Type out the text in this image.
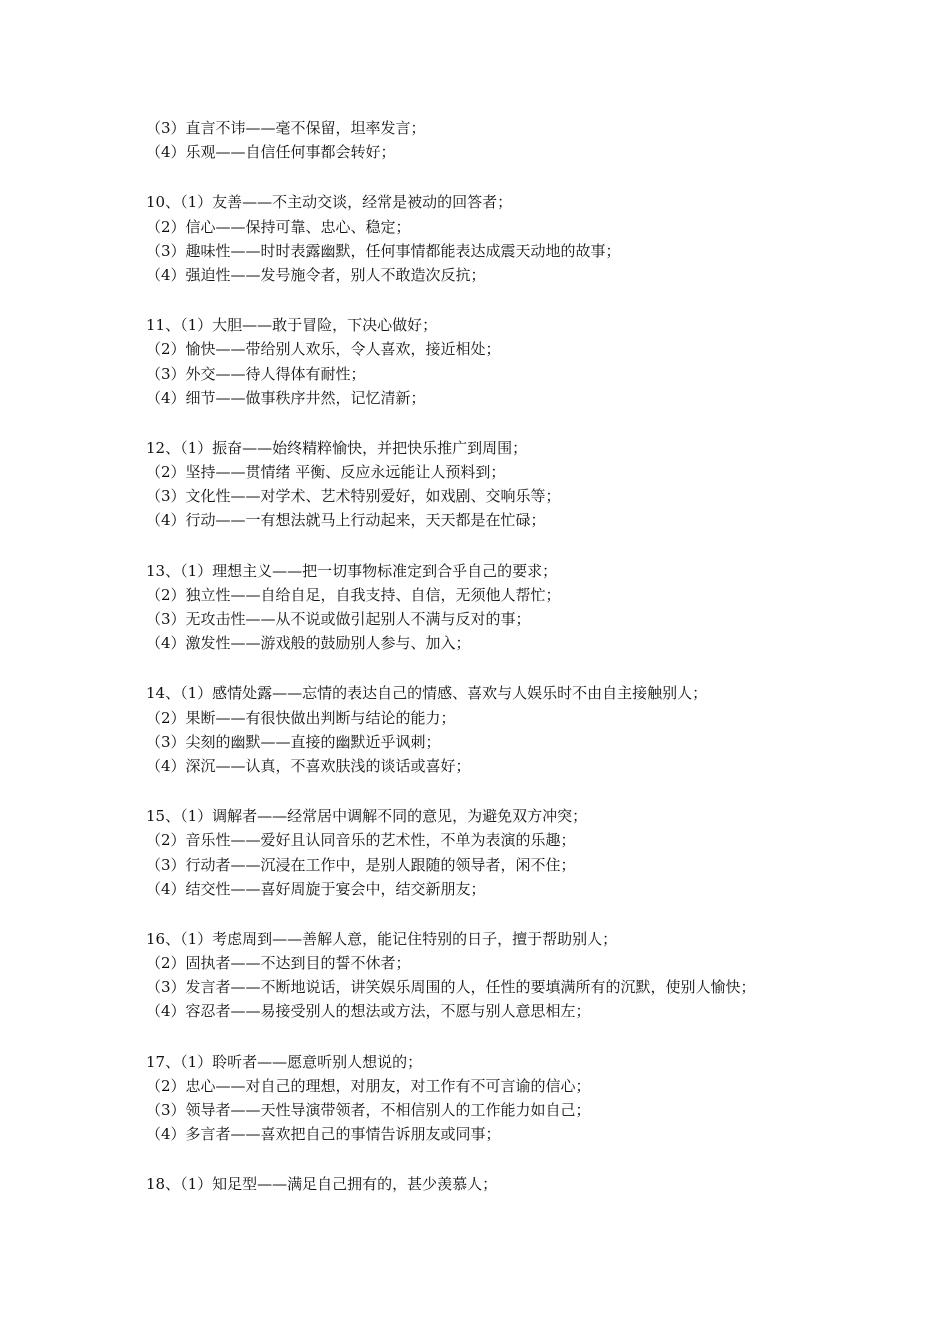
（3）直言不讳——毫不保留，坦率发言；
（4）乐观——自信任何事都会转好；
10、（1）友善——不主动交谈，经常是被动的回答者；
（2）信心——保持可靠、忠心、稳定；
（3）趣味性——时时表露幽默，任何事情都能表达成震天动地的故事；
（4）强迫性——发号施令者，别人不敢造次反抗；
11、（1）大胆——敢于冒险，下决心做好；
（2）愉快——带给别人欢乐，令人喜欢，接近相处；
（3）外交——待人得体有耐性；
（4）细节——做事秩序井然，记忆清新；
12、（1）振奋——始终精粹愉快，并把快乐推广到周围；
（2）坚持——贯情绪 平衡、反应永远能让人预料到；
（3）文化性——对学术、艺术特别爱好，如戏剧、交响乐等；
（4）行动——一有想法就马上行动起来，天天都是在忙碌；
13、（1）理想主义——把一切事物标准定到合乎自己的要求；
（2）独立性——自给自足，自我支持、自信，无须他人帮忙；
（3）无攻击性——从不说或做引起别人不满与反对的事；
（4）激发性——游戏般的鼓励别人参与、加入；
14、（1）感情处露——忘情的表达自己的情感、喜欢与人娱乐时不由自主接触别人；
（2）果断——有很快做出判断与结论的能力；
（3）尖刻的幽默——直接的幽默近乎讽刺；
（4）深沉——认真，不喜欢肤浅的谈话或喜好；
15、（1）调解者——经常居中调解不同的意见，为避免双方冲突；
（2）音乐性——爱好且认同音乐的艺术性，不单为表演的乐趣；
（3）行动者——沉浸在工作中，是别人跟随的领导者，闲不住；
（4）结交性——喜好周旋于宴会中，结交新朋友；
16、（1）考虑周到——善解人意，能记住特别的日子，擅于帮助别人；
（2）固执者——不达到目的誓不休者；
（3）发言者——不断地说话，讲笑娱乐周围的人，任性的要填满所有的沉默，使别人愉快；
（4）容忍者——易接受别人的想法或方法，不愿与别人意思相左；
17、（1）聆听者——愿意听别人想说的；
（2）忠心——对自己的理想，对朋友，对工作有不可言谕的信心；
（3）领导者——天性导演带领者，不相信别人的工作能力如自己；
（4）多言者——喜欢把自己的事情告诉朋友或同事；
18、（1）知足型——满足自己拥有的，甚少羡慕人；
